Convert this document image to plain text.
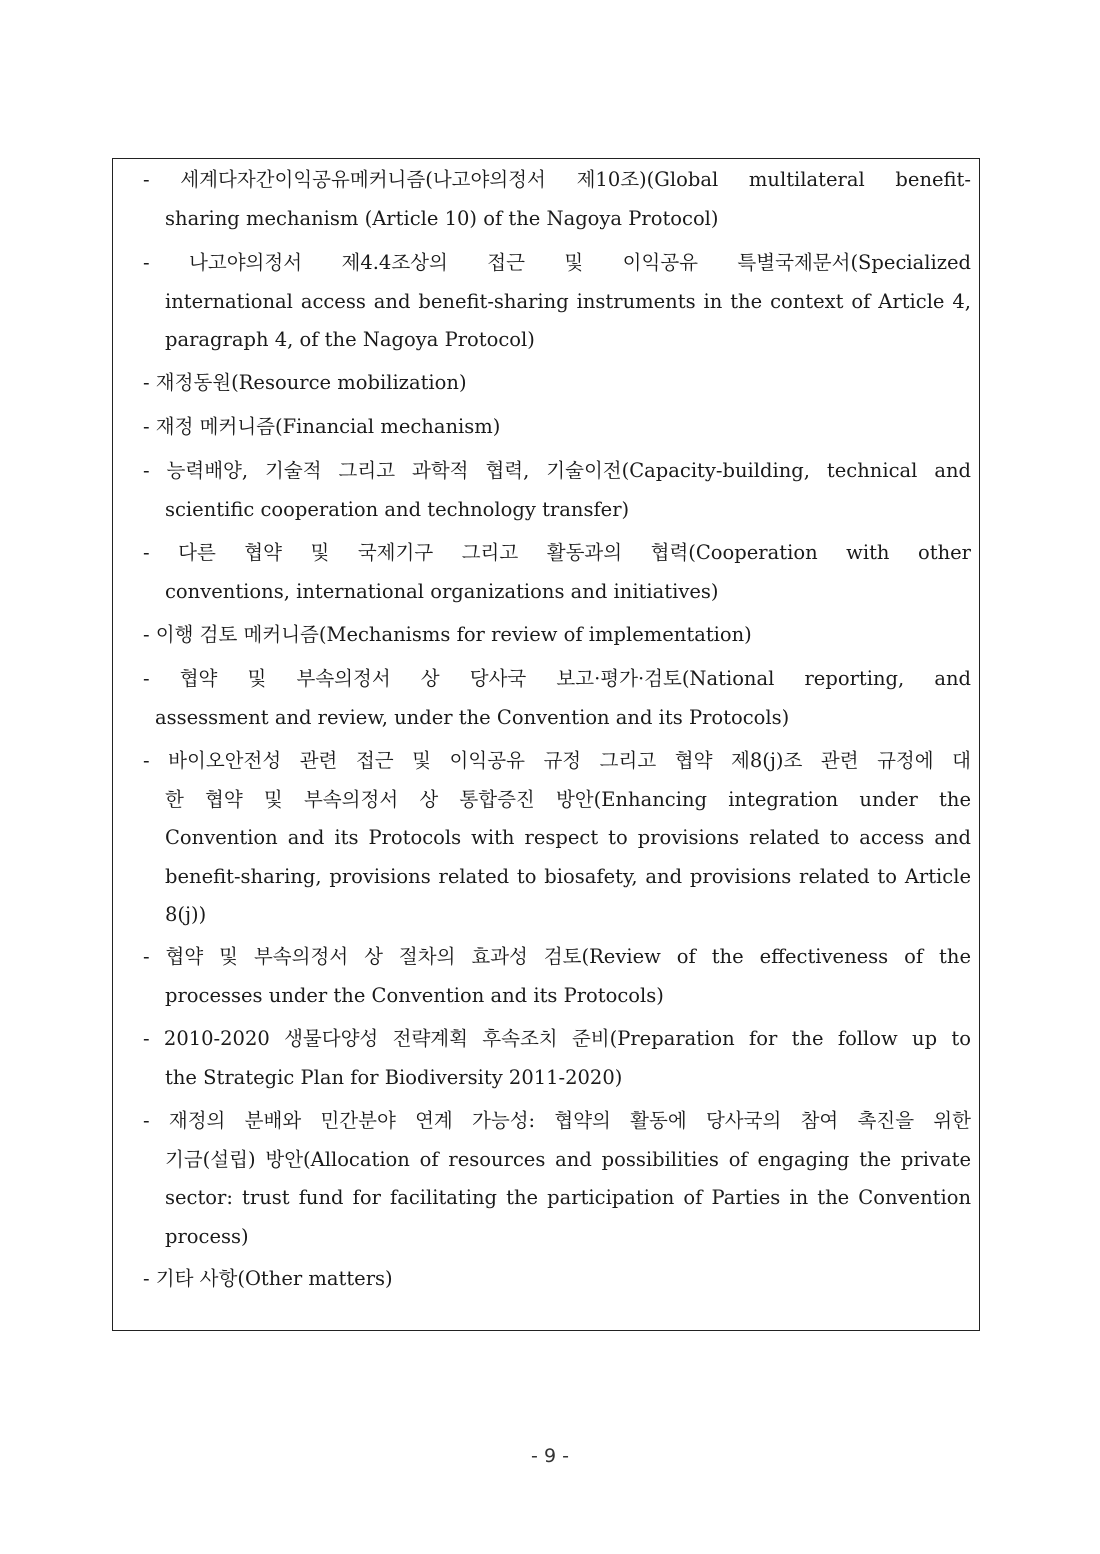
- 세계다자간이익공유메커니즘(나고야의정서 제10조)(Global multilateral benefit-
sharing mechanism (Article 10) of the Nagoya Protocol)
- 나고야의정서 제4.4조상의 접근 및 이익공유 특별국제문서(Specialized
international access and benefit-sharing instruments in the context of Article 4,
paragraph 4, of the Nagoya Protocol)
- 재정동원(Resource mobilization)
- 재정 메커니즘(Financial mechanism)
- 능력배양, 기술적 그리고 과학적 협력, 기술이전(Capacity-building, technical and
scientific cooperation and technology transfer)
- 다른 협약 및 국제기구 그리고 활동과의 협력(Cooperation with other
conventions, international organizations and initiatives)
- 이행 검토 메커니즘(Mechanisms for review of implementation)
- 협약 및 부속의정서 상 당사국 보고·평가·검토(National reporting, and
assessment and review, under the Convention and its Protocols)
- 바이오안전성 관련 접근 및 이익공유 규정 그리고 협약 제8(j)조 관련 규정에 대
한 협약 및 부속의정서 상 통합증진 방안(Enhancing integration under the
Convention and its Protocols with respect to provisions related to access and
benefit-sharing, provisions related to biosafety, and provisions related to Article
8(j))
- 협약 및 부속의정서 상 절차의 효과성 검토(Review of the effectiveness of the
processes under the Convention and its Protocols)
- 2010-2020 생물다양성 전략계획 후속조치 준비(Preparation for the follow up to
the Strategic Plan for Biodiversity 2011-2020)
- 재정의 분배와 민간분야 연계 가능성: 협약의 활동에 당사국의 참여 촉진을 위한
기금(설립) 방안(Allocation of resources and possibilities of engaging the private
sector: trust fund for facilitating the participation of Parties in the Convention
process)
- 기타 사항(Other matters)
- 9 -
